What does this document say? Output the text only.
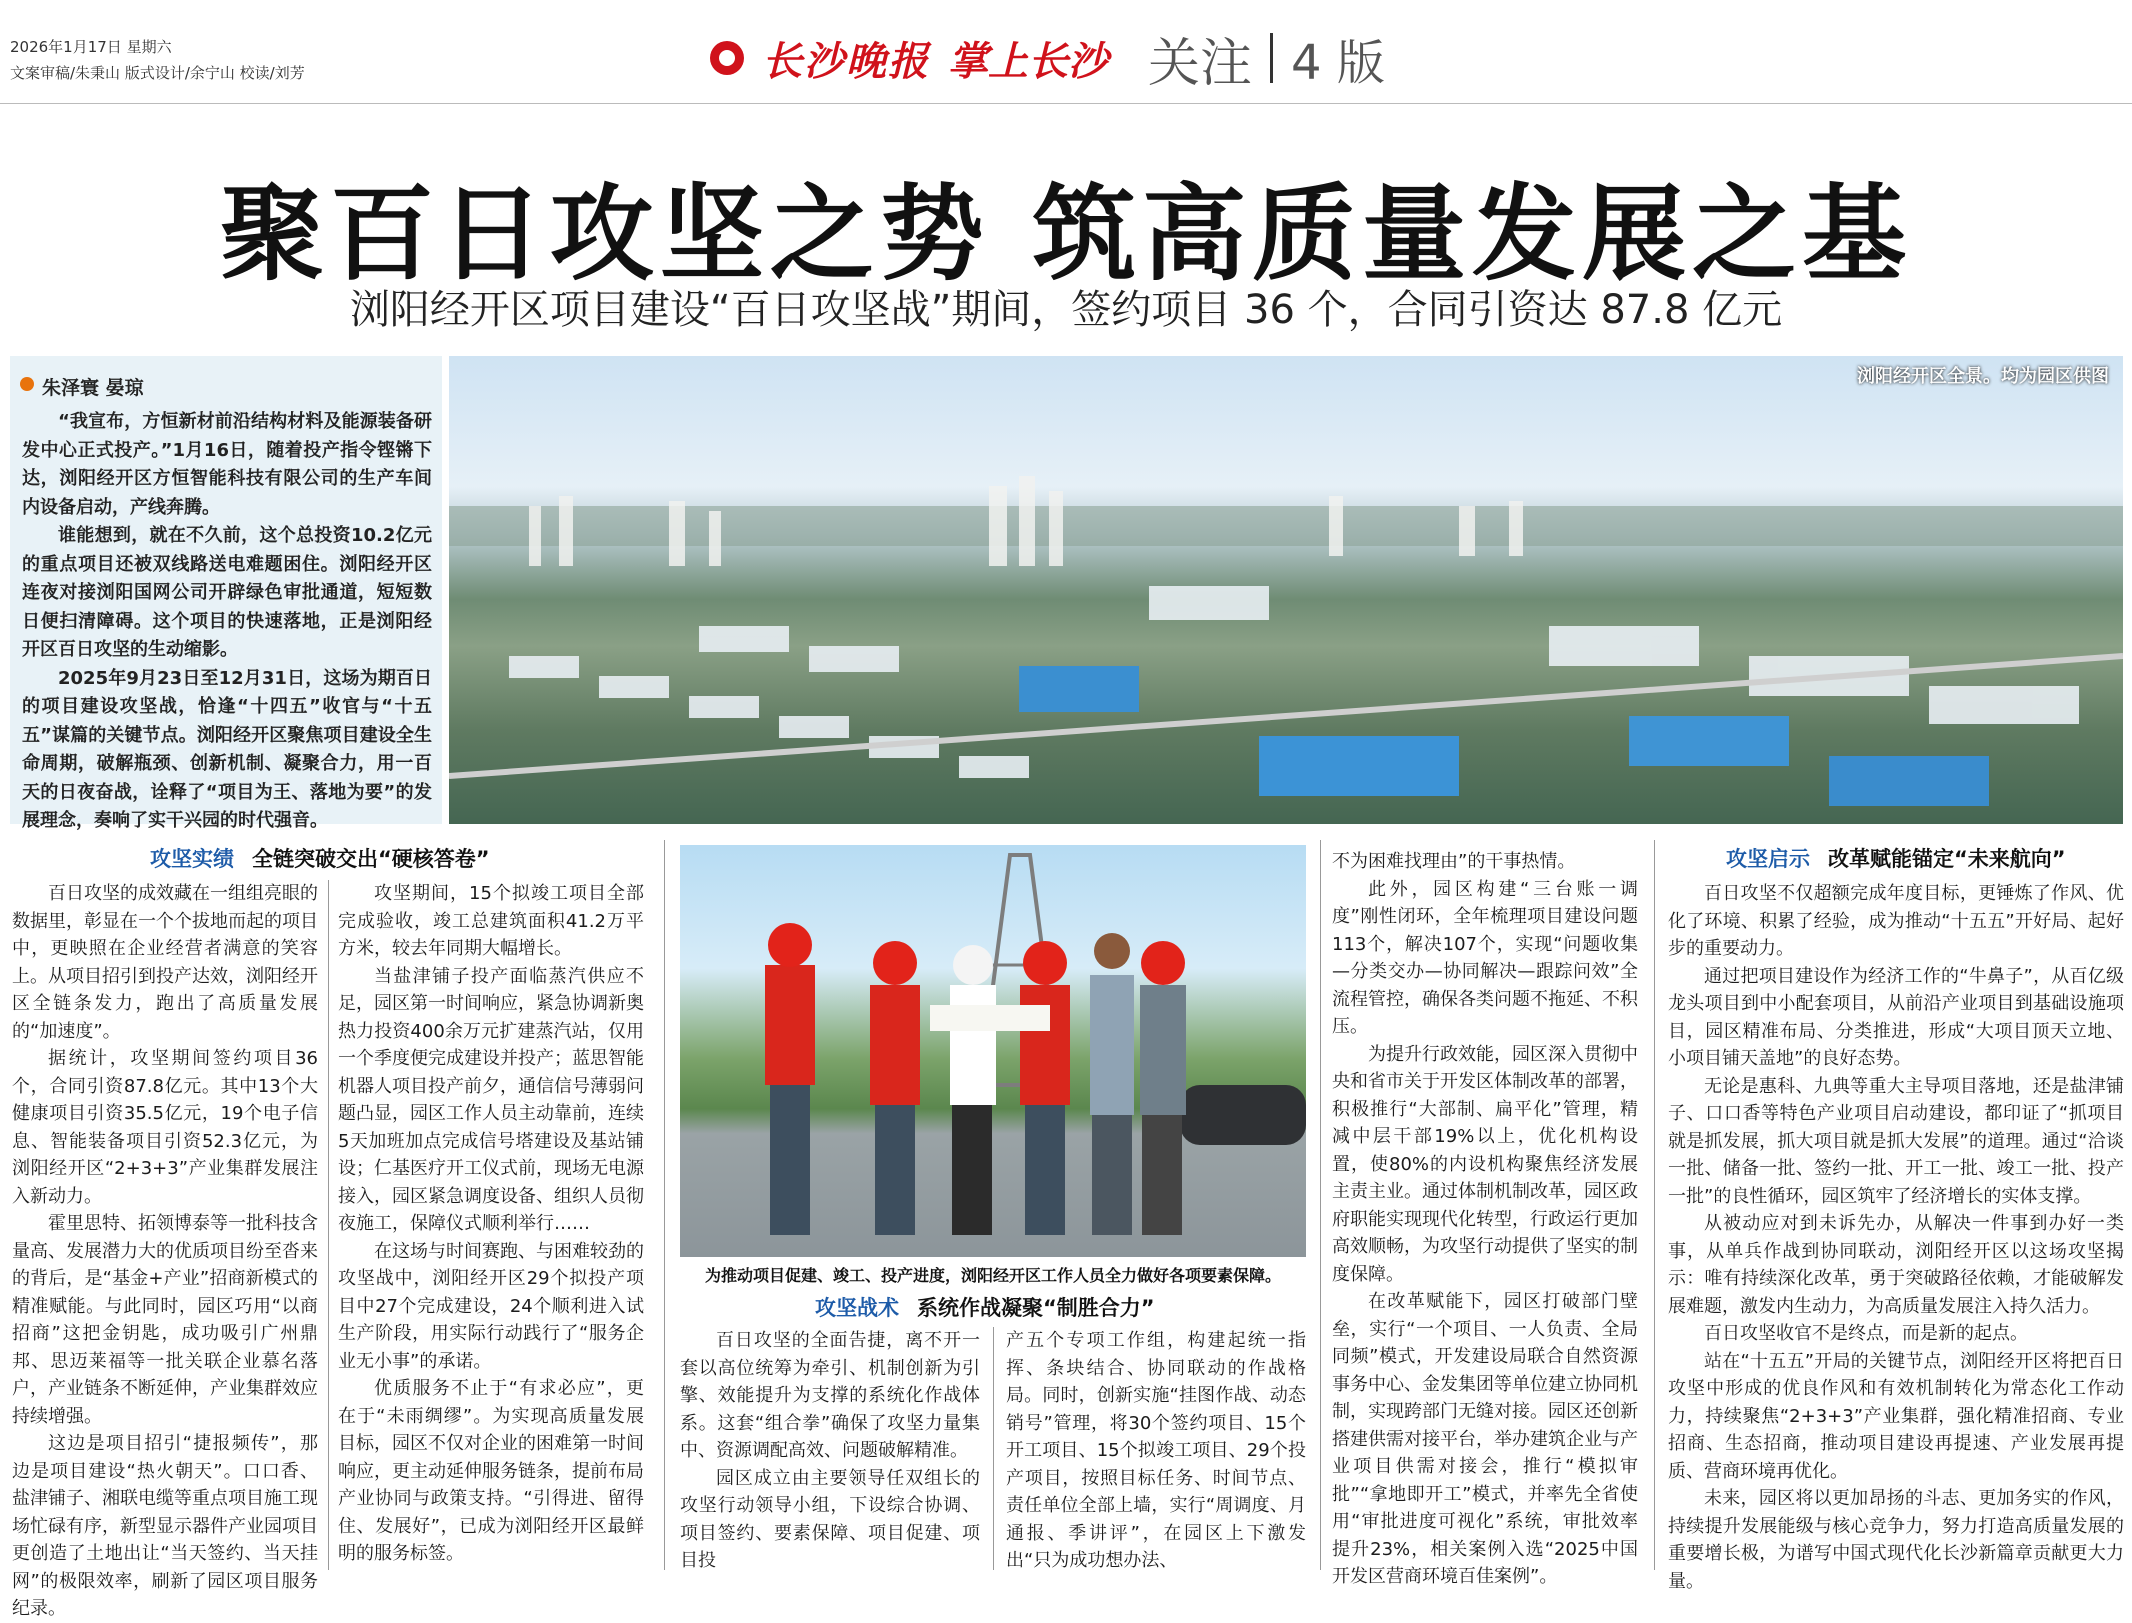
2026年1月17日 星期六
文案审稿/朱秉山 版式设计/余宁山 校读/刘芳	长沙晚报 掌上长沙 关注 4 版
聚百日攻坚之势 筑高质量发展之基
浏阳经开区项目建设“百日攻坚战”期间，签约项目 36 个，合同引资达 87.8 亿元
朱泽寰 晏琼

“我宣布，方恒新材前沿结构材料及能源装备研发中心正式投产。”1月16日，随着投产指令铿锵下达，浏阳经开区方恒智能科技有限公司的生产车间内设备启动，产线奔腾。

谁能想到，就在不久前，这个总投资10.2亿元的重点项目还被双线路送电难题困住。浏阳经开区连夜对接浏阳国网公司开辟绿色审批通道，短短数日便扫清障碍。这个项目的快速落地，正是浏阳经开区百日攻坚的生动缩影。

2025年9月23日至12月31日，这场为期百日的项目建设攻坚战，恰逢“十四五”收官与“十五五”谋篇的关键节点。浏阳经开区聚焦项目建设全生命周期，破解瓶颈、创新机制、凝聚合力，用一百天的日夜奋战，诠释了“项目为王、落地为要”的发展理念，奏响了实干兴园的时代强音。

浏阳经开区全景。均为园区供图
攻坚实绩 全链突破交出“硬核答卷”

百日攻坚的成效藏在一组组亮眼的数据里，彰显在一个个拔地而起的项目中，更映照在企业经营者满意的笑容上。从项目招引到投产达效，浏阳经开区全链条发力，跑出了高质量发展的“加速度”。

据统计，攻坚期间签约项目36个，合同引资87.8亿元。其中13个大健康项目引资35.5亿元，19个电子信息、智能装备项目引资52.3亿元，为浏阳经开区“2+3+3”产业集群发展注入新动力。

霍里思特、拓领博泰等一批科技含量高、发展潜力大的优质项目纷至沓来的背后，是“基金+产业”招商新模式的精准赋能。与此同时，园区巧用“以商招商”这把金钥匙，成功吸引广州鼎邦、思迈莱福等一批关联企业慕名落户，产业链条不断延伸，产业集群效应持续增强。

这边是项目招引“捷报频传”，那边是项目建设“热火朝天”。口口香、盐津铺子、湘联电缆等重点项目施工现场忙碌有序，新型显示器件产业园项目更创造了土地出让“当天签约、当天挂网”的极限效率，刷新了园区项目服务纪录。

攻坚期间，15个拟竣工项目全部完成验收，竣工总建筑面积41.2万平方米，较去年同期大幅增长。

当盐津铺子投产面临蒸汽供应不足，园区第一时间响应，紧急协调新奥热力投资400余万元扩建蒸汽站，仅用一个季度便完成建设并投产；蓝思智能机器人项目投产前夕，通信信号薄弱问题凸显，园区工作人员主动靠前，连续5天加班加点完成信号塔建设及基站铺设；仁基医疗开工仪式前，现场无电源接入，园区紧急调度设备、组织人员彻夜施工，保障仪式顺利举行……

在这场与时间赛跑、与困难较劲的攻坚战中，浏阳经开区29个拟投产项目中27个完成建设，24个顺利进入试生产阶段，用实际行动践行了“服务企业无小事”的承诺。

优质服务不止于“有求必应”，更在于“未雨绸缪”。为实现高质量发展目标，园区不仅对企业的困难第一时间响应，更主动延伸服务链条，提前布局产业协同与政策支持。“引得进、留得住、发展好”，已成为浏阳经开区最鲜明的服务标签。

为推动项目促建、竣工、投产进度，浏阳经开区工作人员全力做好各项要素保障。
攻坚战术 系统作战凝聚“制胜合力”

百日攻坚的全面告捷，离不开一套以高位统筹为牵引、机制创新为引擎、效能提升为支撑的系统化作战体系。这套“组合拳”确保了攻坚力量集中、资源调配高效、问题破解精准。

园区成立由主要领导任双组长的攻坚行动领导小组，下设综合协调、项目签约、要素保障、项目促建、项目投

产五个专项工作组，构建起统一指挥、条块结合、协同联动的作战格局。同时，创新实施“挂图作战、动态销号”管理，将30个签约项目、15个开工项目、15个拟竣工项目、29个投产项目，按照目标任务、时间节点、责任单位全部上墙，实行“周调度、月通报、季讲评”，在园区上下激发出“只为成功想办法、

不为困难找理由”的干事热情。

此外，园区构建“三台账一调度”刚性闭环，全年梳理项目建设问题113个，解决107个，实现“问题收集—分类交办—协同解决—跟踪问效”全流程管控，确保各类问题不拖延、不积压。

为提升行政效能，园区深入贯彻中央和省市关于开发区体制改革的部署，积极推行“大部制、扁平化”管理，精减中层干部19%以上，优化机构设置，使80%的内设机构聚焦经济发展主责主业。通过体制机制改革，园区政府职能实现现代化转型，行政运行更加高效顺畅，为攻坚行动提供了坚实的制度保障。

在改革赋能下，园区打破部门壁垒，实行“一个项目、一人负责、全局同频”模式，开发建设局联合自然资源事务中心、金发集团等单位建立协同机制，实现跨部门无缝对接。园区还创新搭建供需对接平台，举办建筑企业与产业项目供需对接会，推行“模拟审批”“拿地即开工”模式，并率先全省使用“审批进度可视化”系统，审批效率提升23%，相关案例入选“2025中国开发区营商环境百佳案例”。

攻坚启示 改革赋能锚定“未来航向”

百日攻坚不仅超额完成年度目标，更锤炼了作风、优化了环境、积累了经验，成为推动“十五五”开好局、起好步的重要动力。

通过把项目建设作为经济工作的“牛鼻子”，从百亿级龙头项目到中小配套项目，从前沿产业项目到基础设施项目，园区精准布局、分类推进，形成“大项目顶天立地、小项目铺天盖地”的良好态势。

无论是惠科、九典等重大主导项目落地，还是盐津铺子、口口香等特色产业项目启动建设，都印证了“抓项目就是抓发展，抓大项目就是抓大发展”的道理。通过“洽谈一批、储备一批、签约一批、开工一批、竣工一批、投产一批”的良性循环，园区筑牢了经济增长的实体支撑。

从被动应对到未诉先办，从解决一件事到办好一类事，从单兵作战到协同联动，浏阳经开区以这场攻坚揭示：唯有持续深化改革，勇于突破路径依赖，才能破解发展难题，激发内生动力，为高质量发展注入持久活力。

百日攻坚收官不是终点，而是新的起点。

站在“十五五”开局的关键节点，浏阳经开区将把百日攻坚中形成的优良作风和有效机制转化为常态化工作动力，持续聚焦“2+3+3”产业集群，强化精准招商、专业招商、生态招商，推动项目建设再提速、产业发展再提质、营商环境再优化。

未来，园区将以更加昂扬的斗志、更加务实的作风，持续提升发展能级与核心竞争力，努力打造高质量发展的重要增长极，为谱写中国式现代化长沙新篇章贡献更大力量。
